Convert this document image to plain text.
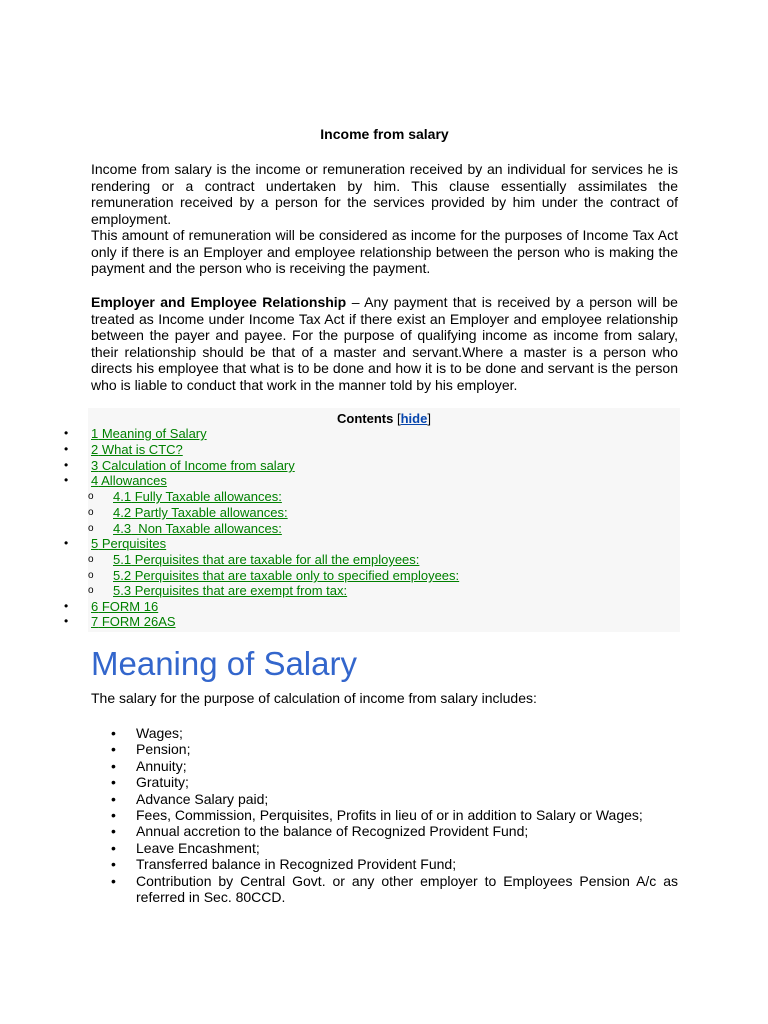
Income from salary

Income from salary is the income or remuneration received by an individual for services he is rendering or a contract undertaken by him. This clause essentially assimilates the remuneration received by a person for the services provided by him under the contract of employment.

This amount of remuneration will be considered as income for the purposes of Income Tax Act only if there is an Employer and employee relationship between the person who is making the payment and the person who is receiving the payment.

Employer and Employee Relationship – Any payment that is received by a person will be treated as Income under Income Tax Act if there exist an Employer and employee relationship between the payer and payee. For the purpose of qualifying income as income from salary, their relationship should be that of a master and servant.Where a master is a person who directs his employee that what is to be done and how it is to be done and servant is the person who is liable to conduct that work in the manner told by his employer.

Contents [hide]
• 1 Meaning of Salary
• 2 What is CTC?
• 3 Calculation of Income from salary
• 4 Allowances
o 4.1 Fully Taxable allowances:
o 4.2 Partly Taxable allowances:
o 4.3  Non Taxable allowances:
• 5 Perquisites
o 5.1 Perquisites that are taxable for all the employees:
o 5.2 Perquisites that are taxable only to specified employees:
o 5.3 Perquisites that are exempt from tax:
• 6 FORM 16
• 7 FORM 26AS
Meaning of Salary

The salary for the purpose of calculation of income from salary includes:

• Wages;
• Pension;
• Annuity;
• Gratuity;
• Advance Salary paid;
• Fees, Commission, Perquisites, Profits in lieu of or in addition to Salary or Wages;
• Annual accretion to the balance of Recognized Provident Fund;
• Leave Encashment;
• Transferred balance in Recognized Provident Fund;
• Contribution by Central Govt. or any other employer to Employees Pension A/c as referred in Sec. 80CCD.
